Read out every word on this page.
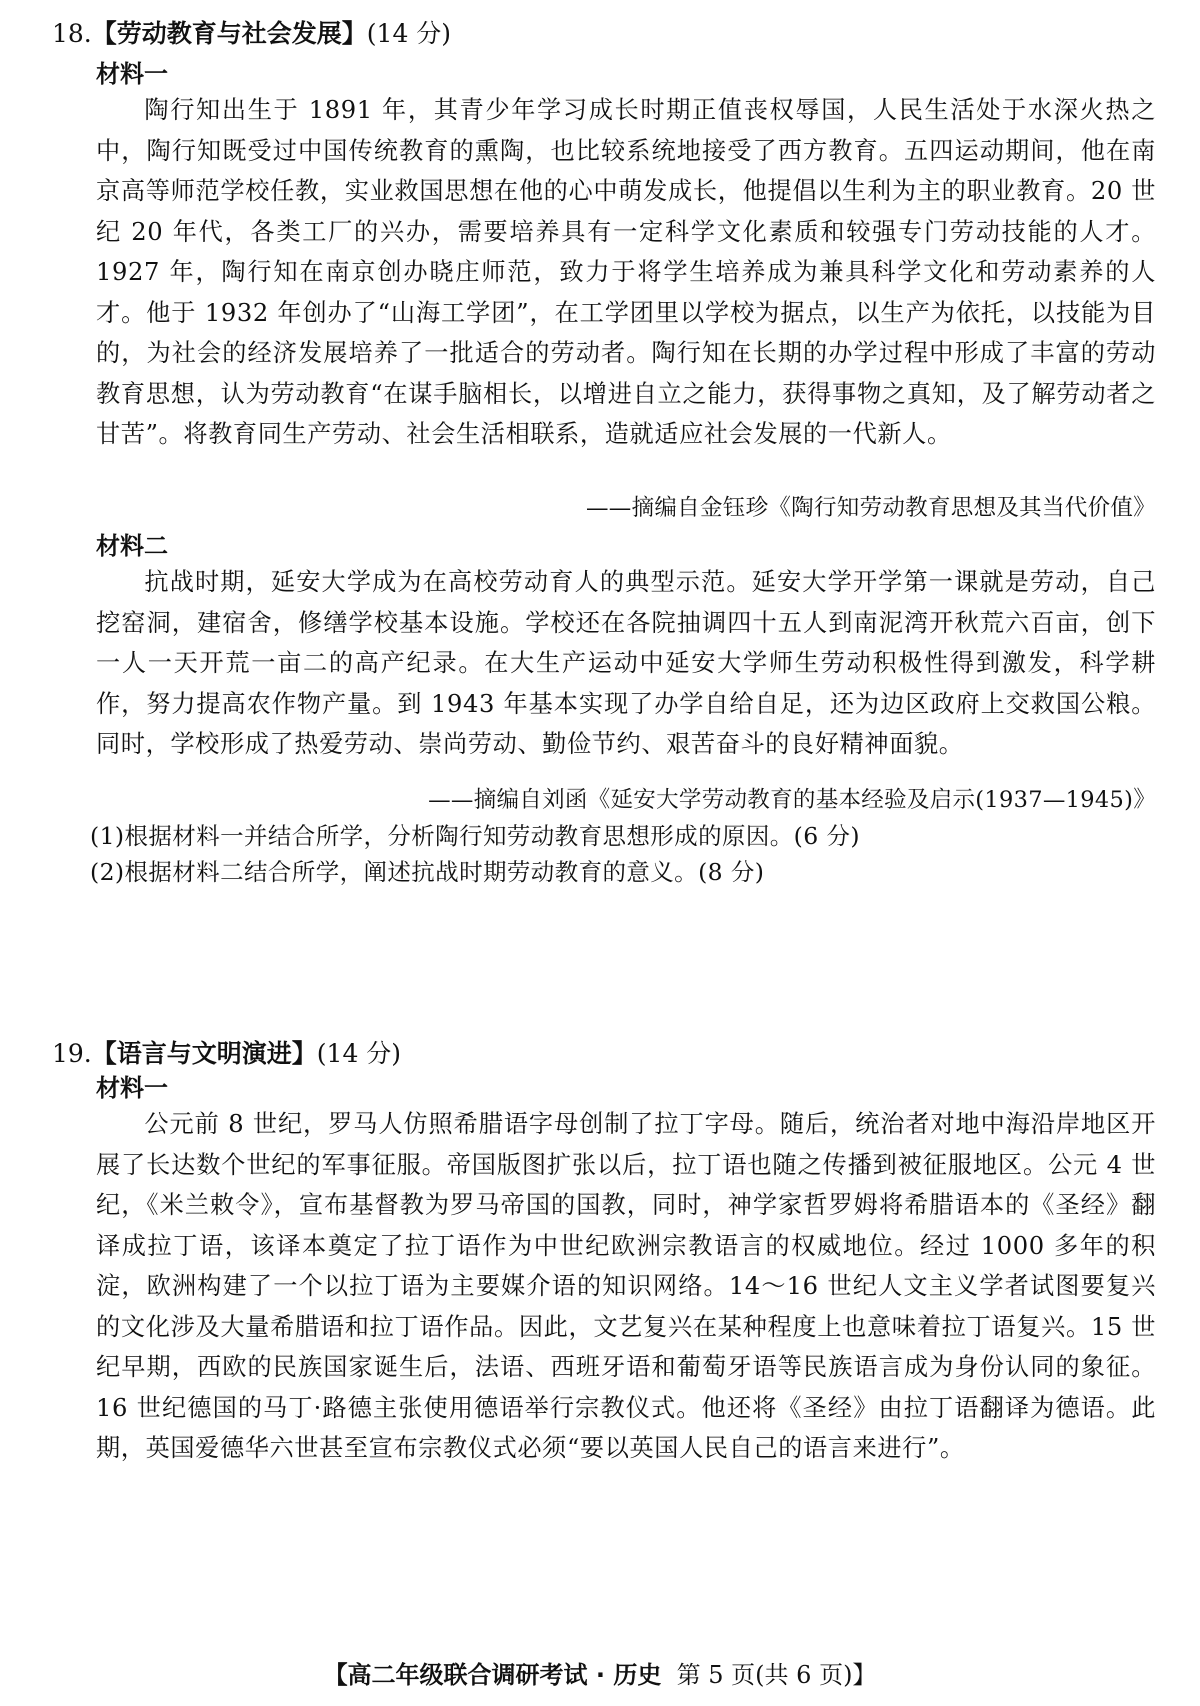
18.【劳动教育与社会发展】(14 分)
材料一

陶行知出生于 1891 年，其青少年学习成长时期正值丧权辱国，人民生活处于水深火热之中，陶行知既受过中国传统教育的熏陶，也比较系统地接受了西方教育。五四运动期间，他在南京高等师范学校任教，实业救国思想在他的心中萌发成长，他提倡以生利为主的职业教育。20 世纪 20 年代，各类工厂的兴办，需要培养具有一定科学文化素质和较强专门劳动技能的人才。1927 年，陶行知在南京创办晓庄师范，致力于将学生培养成为兼具科学文化和劳动素养的人才。他于 1932 年创办了“山海工学团”，在工学团里以学校为据点，以生产为依托，以技能为目的，为社会的经济发展培养了一批适合的劳动者。陶行知在长期的办学过程中形成了丰富的劳动教育思想，认为劳动教育“在谋手脑相长，以增进自立之能力，获得事物之真知，及了解劳动者之甘苦”。将教育同生产劳动、社会生活相联系，造就适应社会发展的一代新人。

——摘编自金钰珍《陶行知劳动教育思想及其当代价值》
材料二

抗战时期，延安大学成为在高校劳动育人的典型示范。延安大学开学第一课就是劳动，自己挖窑洞，建宿舍，修缮学校基本设施。学校还在各院抽调四十五人到南泥湾开秋荒六百亩，创下一人一天开荒一亩二的高产纪录。在大生产运动中延安大学师生劳动积极性得到激发，科学耕作，努力提高农作物产量。到 1943 年基本实现了办学自给自足，还为边区政府上交救国公粮。同时，学校形成了热爱劳动、崇尚劳动、勤俭节约、艰苦奋斗的良好精神面貌。

——摘编自刘函《延安大学劳动教育的基本经验及启示(1937—1945)》
(1)根据材料一并结合所学，分析陶行知劳动教育思想形成的原因。(6 分)
(2)根据材料二结合所学，阐述抗战时期劳动教育的意义。(8 分)
19.【语言与文明演进】(14 分)
材料一

公元前 8 世纪，罗马人仿照希腊语字母创制了拉丁字母。随后，统治者对地中海沿岸地区开展了长达数个世纪的军事征服。帝国版图扩张以后，拉丁语也随之传播到被征服地区。公元 4 世纪，《米兰敕令》，宣布基督教为罗马帝国的国教，同时，神学家哲罗姆将希腊语本的《圣经》翻译成拉丁语，该译本奠定了拉丁语作为中世纪欧洲宗教语言的权威地位。经过 1000 多年的积淀，欧洲构建了一个以拉丁语为主要媒介语的知识网络。14～16 世纪人文主义学者试图要复兴的文化涉及大量希腊语和拉丁语作品。因此，文艺复兴在某种程度上也意味着拉丁语复兴。15 世纪早期，西欧的民族国家诞生后，法语、西班牙语和葡萄牙语等民族语言成为身份认同的象征。16 世纪德国的马丁·路德主张使用德语举行宗教仪式。他还将《圣经》由拉丁语翻译为德语。此期，英国爱德华六世甚至宣布宗教仪式必须“要以英国人民自己的语言来进行”。

【高二年级联合调研考试 · 历史 第 5 页(共 6 页)】
